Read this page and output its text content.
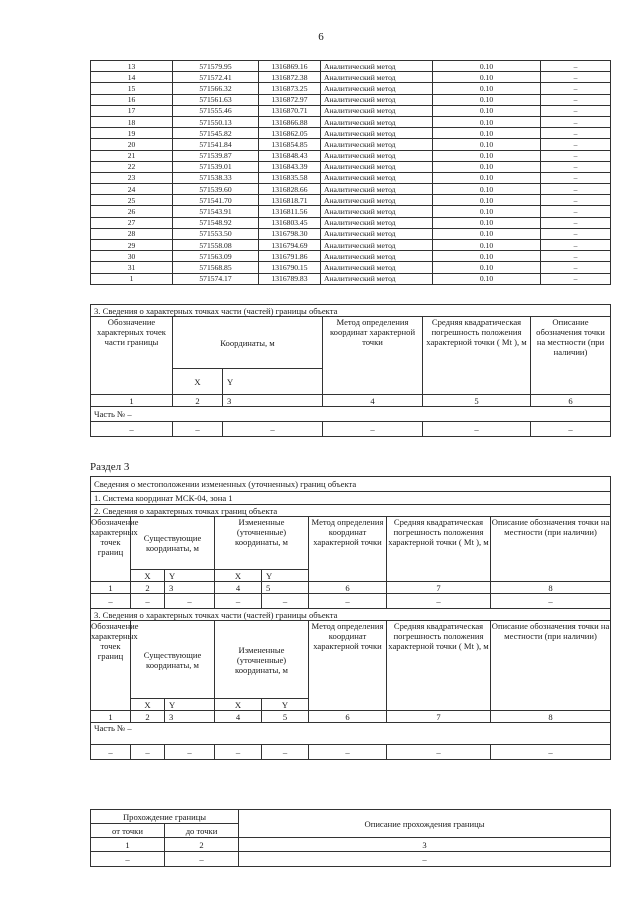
6
13	571579.95	1316869.16	Аналитический метод	0.10	–
14	571572.41	1316872.38	Аналитический метод	0.10	–
15	571566.32	1316873.25	Аналитический метод	0.10	–
16	571561.63	1316872.97	Аналитический метод	0.10	–
17	571555.46	1316870.71	Аналитический метод	0.10	–
18	571550.13	1316866.88	Аналитический метод	0.10	–
19	571545.82	1316862.05	Аналитический метод	0.10	–
20	571541.84	1316854.85	Аналитический метод	0.10	–
21	571539.87	1316848.43	Аналитический метод	0.10	–
22	571539.01	1316843.39	Аналитический метод	0.10	–
23	571538.33	1316835.58	Аналитический метод	0.10	–
24	571539.60	1316828.66	Аналитический метод	0.10	–
25	571541.70	1316818.71	Аналитический метод	0.10	–
26	571543.91	1316811.56	Аналитический метод	0.10	–
27	571548.92	1316803.45	Аналитический метод	0.10	–
28	571553.50	1316798.30	Аналитический метод	0.10	–
29	571558.08	1316794.69	Аналитический метод	0.10	–
30	571563.09	1316791.86	Аналитический метод	0.10	–
31	571568.85	1316790.15	Аналитический метод	0.10	–
1	571574.17	1316789.83	Аналитический метод	0.10	–
3. Сведения о характерных точках части (частей) границы объекта					
Обозначение характерных точек части границы	Координаты, м		Метод определения координат характерной точки	Средняя квадратическая погрешность положения характерной точки ( Mt ), м	Описание обозначения точки на местности (при наличии)
	X	Y			
1	2	3	4	5	6
Часть № –					
–	–	–	–	–	–
Раздел 3
Сведения о местоположении измененных (уточненных) границ объекта							
1. Система координат МСК-04, зона 1							
2. Сведения о характерных точках границ объекта							
Обозначение характерных точек границ	Существующие координаты, м		Измененные (уточненные) координаты, м		Метод определения координат характерной точки	Средняя квадратическая погрешность положения характерной точки ( Mt ), м	Описание обозначения точки на местности (при наличии)
	X	Y	X	Y			
1	2	3	4	5	6	7	8
–	–	–	–	–	–	–	–
3. Сведения о характерных точках части (частей) границы объекта							
Обозначение характерных точек границ	Существующие координаты, м		Измененные (уточненные) координаты, м		Метод определения координат характерной точки	Средняя квадратическая погрешность положения характерной точки ( Mt ), м	Описание обозначения точки на местности (при наличии)
	X	Y	X	Y			
1	2	3	4	5	6	7	8
Часть № –							
–	–	–	–	–	–	–	–
Прохождение границы		Описание прохождения границы
от точки	до точки	
1	2	3
–	–	–
